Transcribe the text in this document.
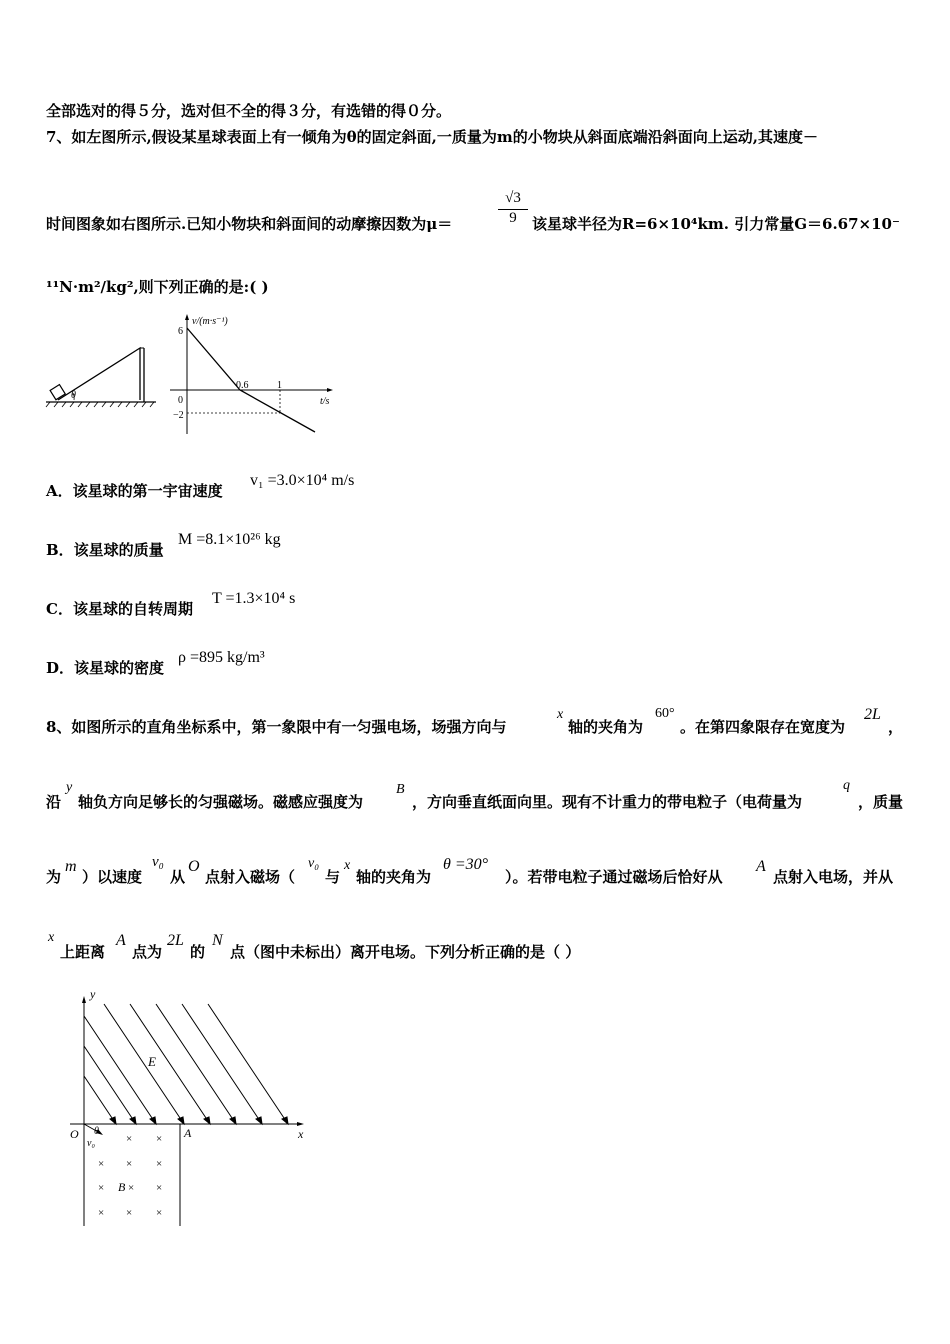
全部选对的得５分，选对但不全的得３分，有选错的得０分。
7、如左图所示,假设某星球表面上有一倾角为θ的固定斜面,一质量为m的小物块从斜面底端沿斜面向上运动,其速度－
时间图象如右图所示.已知小物块和斜面间的动摩擦因数为μ＝
√3
9	该星球半径为R=6×10⁴km. 引力常量G＝6.67×10⁻
¹¹N·m²/kg²,则下列正确的是:( )
θ
v/(m·s⁻¹)
6
0
−2
0.6	1
t/s
A．该星球的第一宇宙速度
v₁ =3.0×10⁴ m/s
B．该星球的质量
M =8.1×10²⁶ kg
C．该星球的自转周期
T =1.3×10⁴ s
D．该星球的密度
ρ =895 kg/m³
8、如图所示的直角坐标系中，第一象限中有一匀强电场，场强方向与
x
轴的夹角为
60°
。在第四象限存在宽度为
2L
，
沿
y
轴负方向足够长的匀强磁场。磁感应强度为
B
，方向垂直纸面向里。现有不计重力的带电粒子（电荷量为
q
，质量
为
m
）以速度
v₀
从
O
点射入磁场（
v₀
与
x
轴的夹角为
θ =30°
）。若带电粒子通过磁场后恰好从
A
点射入电场，并从
x
上距离
A
点为
2L
的
N
点（图中未标出）离开电场。下列分析正确的是（ ）
y
x
E
O	A
θ
v₀	× ×
× × ×
× × ×
× × ×
B
